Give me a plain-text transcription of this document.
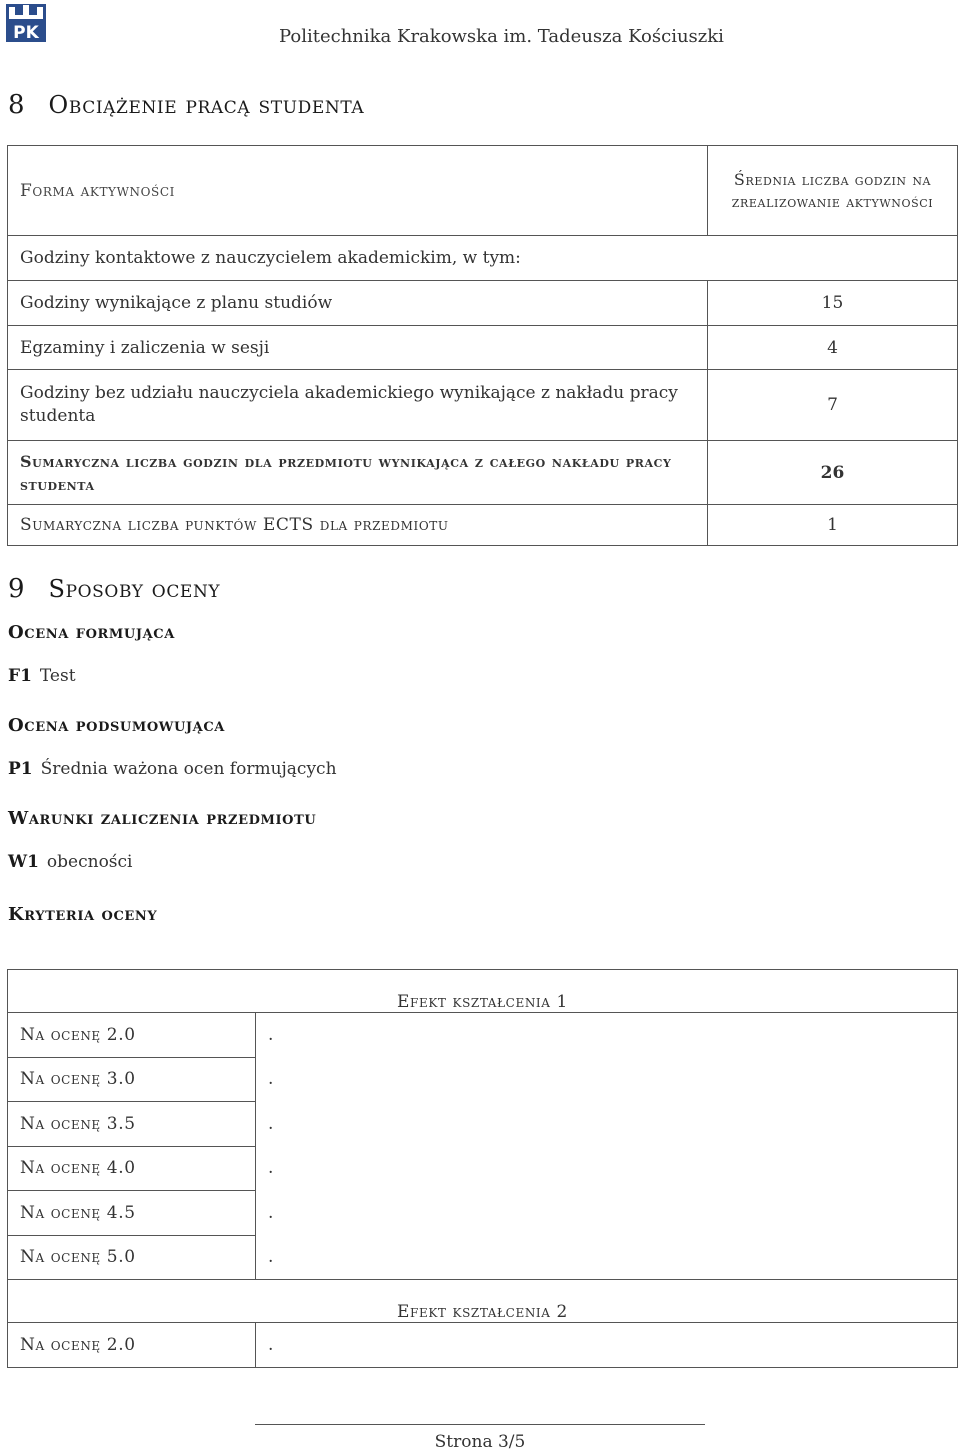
PK	Politechnika Krakowska im. Tadeusza Kościuszki
8 Obciążenie pracą studenta
Forma aktywności	Średnia liczba godzin na zrealizowanie aktywności
Godziny kontaktowe z nauczycielem akademickim, w tym:	
Godziny wynikające z planu studiów	15
Egzaminy i zaliczenia w sesji	4
Godziny bez udziału nauczyciela akademickiego wynikające z nakładu pracy studenta	7
Sumaryczna liczba godzin dla przedmiotu wynikająca z całego nakładu pracy studenta	26
Sumaryczna liczba punktów ECTS dla przedmiotu	1
9 Sposoby oceny
Ocena formująca
F1 Test
Ocena podsumowująca
P1 Średnia ważona ocen formujących
Warunki zaliczenia przedmiotu
W1 obecności
Kryteria oceny
Efekt kształcenia 1	
Na ocenę 2.0	.
Na ocenę 3.0	.
Na ocenę 3.5	.
Na ocenę 4.0	.
Na ocenę 4.5	.
Na ocenę 5.0	.
Efekt kształcenia 2	
Na ocenę 2.0	.
Strona 3/5
